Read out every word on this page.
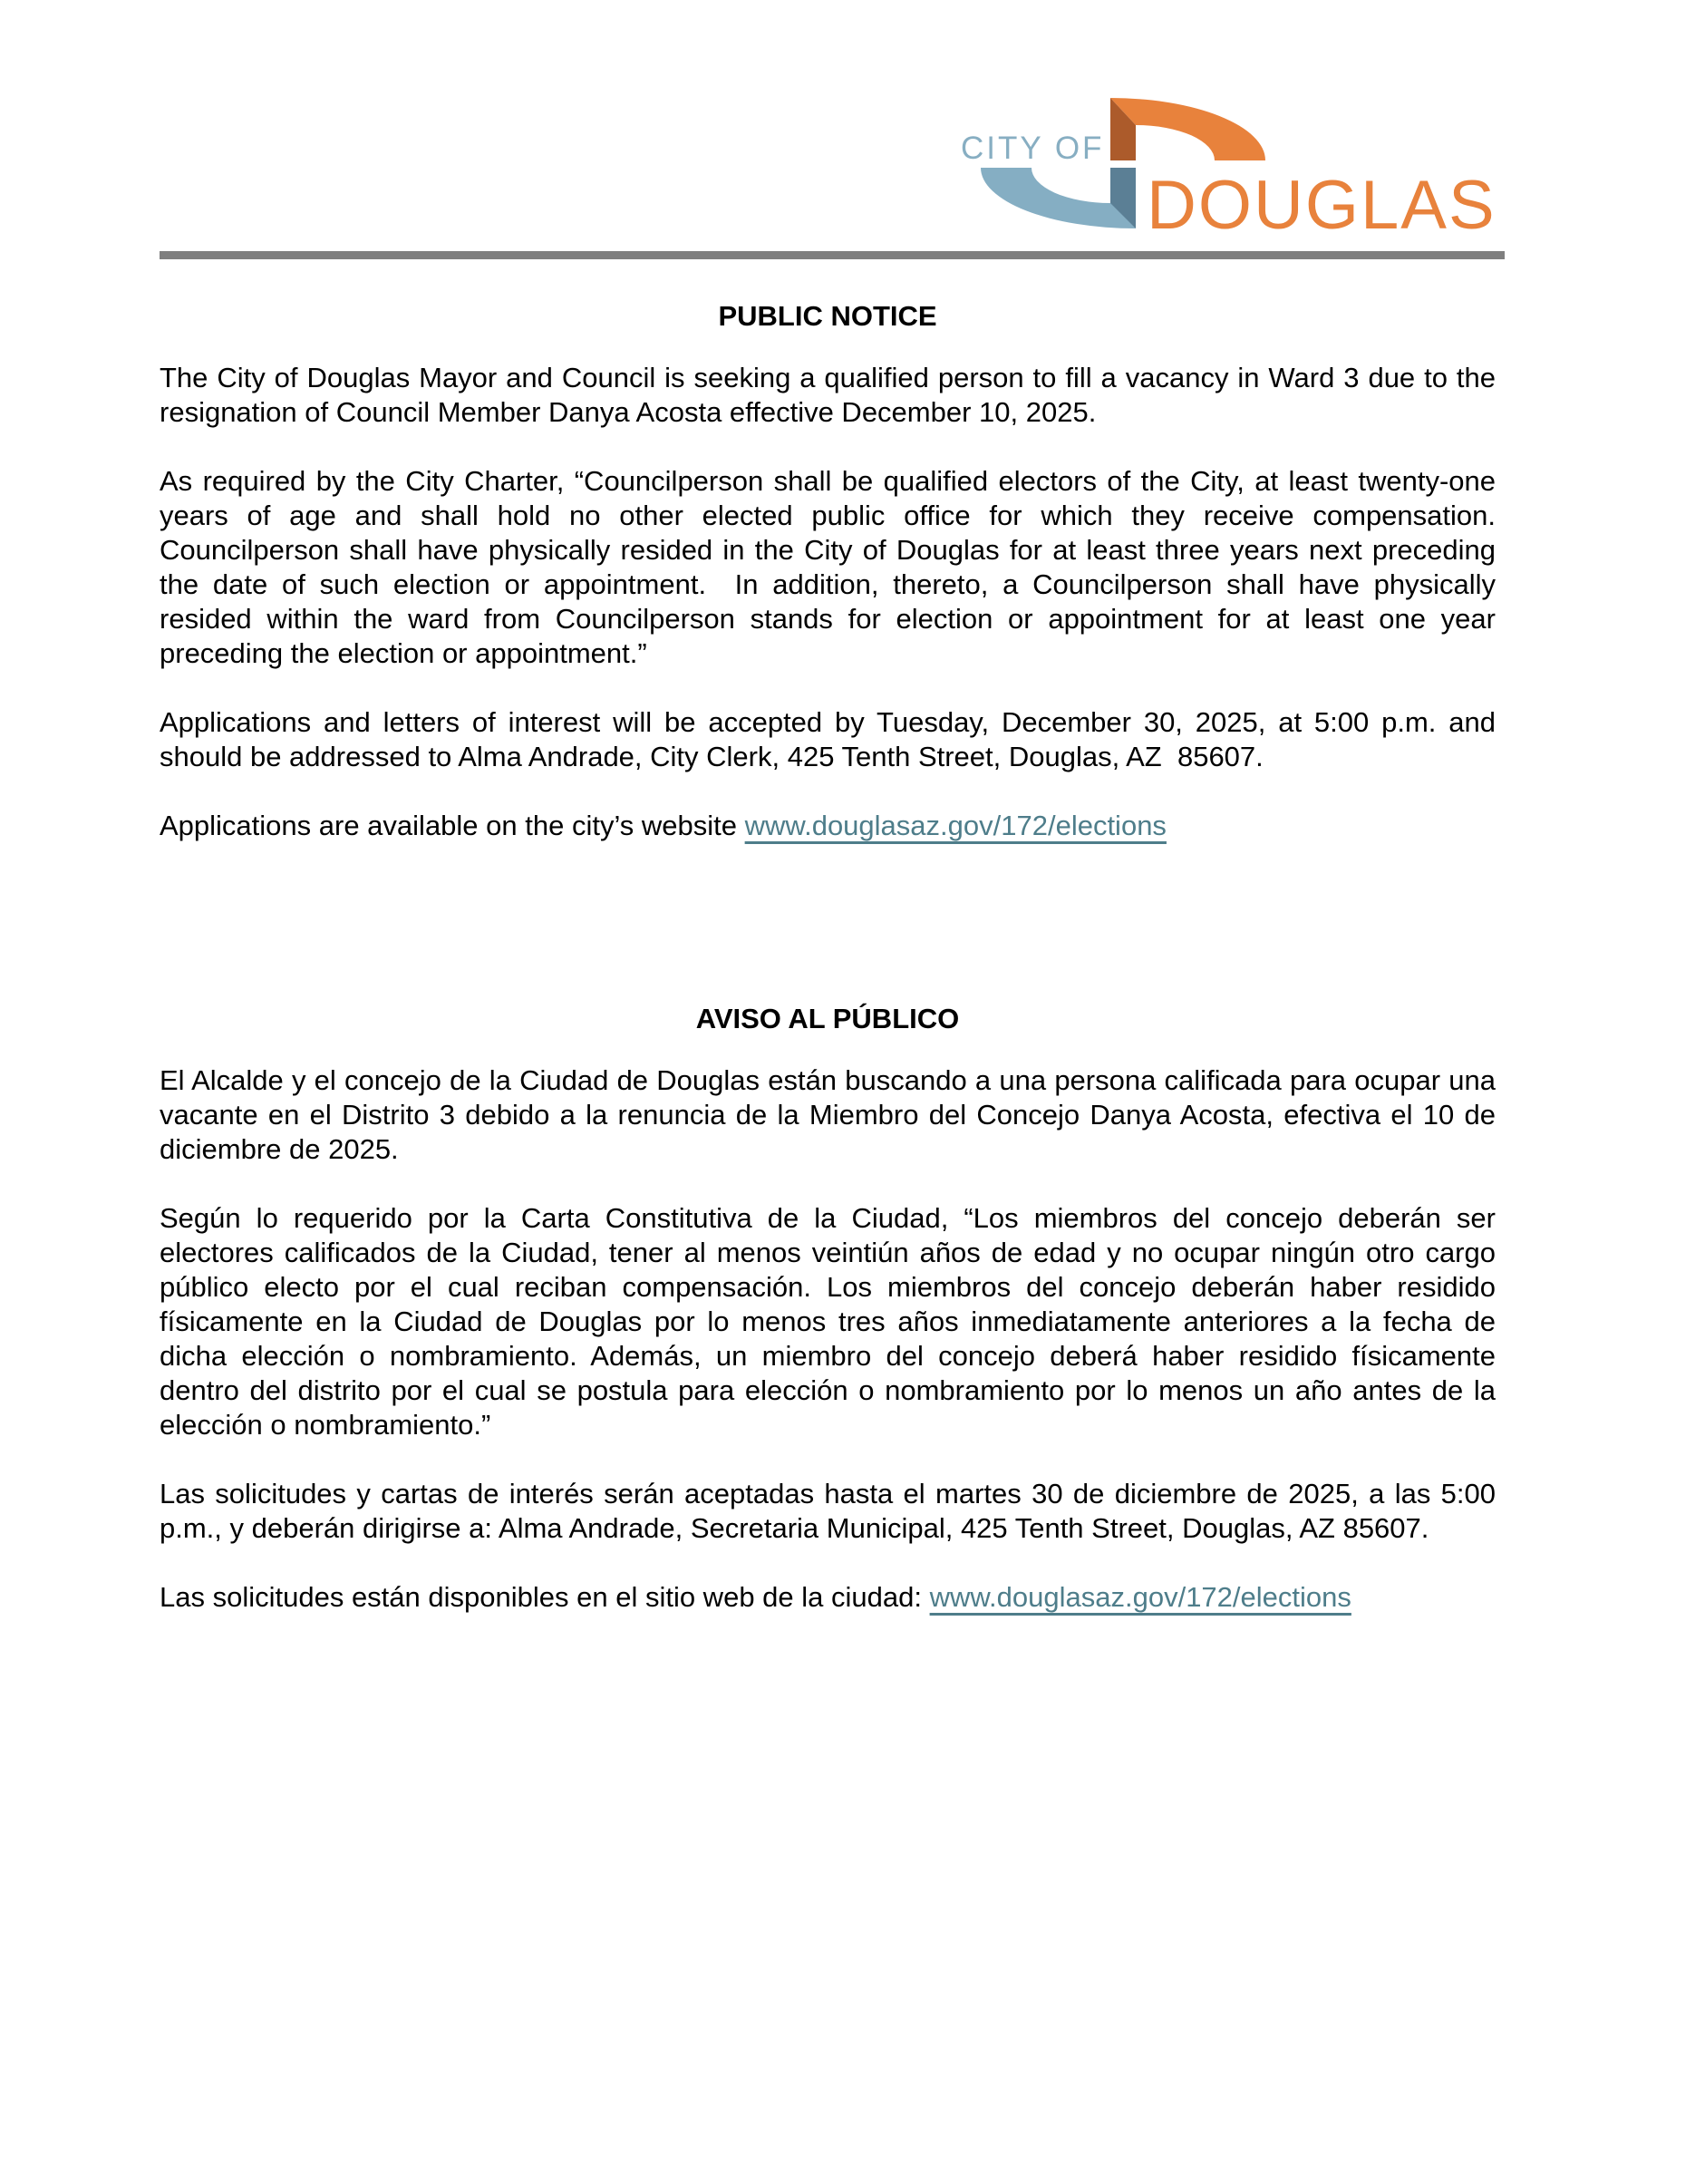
CITY OF
DOUGLAS
PUBLIC NOTICE

The City of Douglas Mayor and Council is seeking a qualified person to fill a vacancy in Ward 3 due to the resignation of Council Member Danya Acosta effective December 10, 2025.

As required by the City Charter, “Councilperson shall be qualified electors of the City, at least twenty-one years of age and shall hold no other elected public office for which they receive compensation. Councilperson shall have physically resided in the City of Douglas for at least three years next preceding the date of such election or appointment.  In addition, thereto, a Councilperson shall have physically resided within the ward from Councilperson stands for election or appointment for at least one year preceding the election or appointment.”

Applications and letters of interest will be accepted by Tuesday, December 30, 2025, at 5:00 p.m. and should be addressed to Alma Andrade, City Clerk, 425 Tenth Street, Douglas, AZ  85607.

Applications are available on the city’s website www.douglasaz.gov/172/elections

AVISO AL PÚBLICO

El Alcalde y el concejo de la Ciudad de Douglas están buscando a una persona calificada para ocupar una vacante en el Distrito 3 debido a la renuncia de la Miembro del Concejo Danya Acosta, efectiva el 10 de diciembre de 2025.

Según lo requerido por la Carta Constitutiva de la Ciudad, “Los miembros del concejo deberán ser electores calificados de la Ciudad, tener al menos veintiún años de edad y no ocupar ningún otro cargo público electo por el cual reciban compensación. Los miembros del concejo deberán haber residido físicamente en la Ciudad de Douglas por lo menos tres años inmediatamente anteriores a la fecha de dicha elección o nombramiento. Además, un miembro del concejo deberá haber residido físicamente dentro del distrito por el cual se postula para elección o nombramiento por lo menos un año antes de la elección o nombramiento.”

Las solicitudes y cartas de interés serán aceptadas hasta el martes 30 de diciembre de 2025, a las 5:00 p.m., y deberán dirigirse a: Alma Andrade, Secretaria Municipal, 425 Tenth Street, Douglas, AZ 85607.

Las solicitudes están disponibles en el sitio web de la ciudad: www.douglasaz.gov/172/elections
